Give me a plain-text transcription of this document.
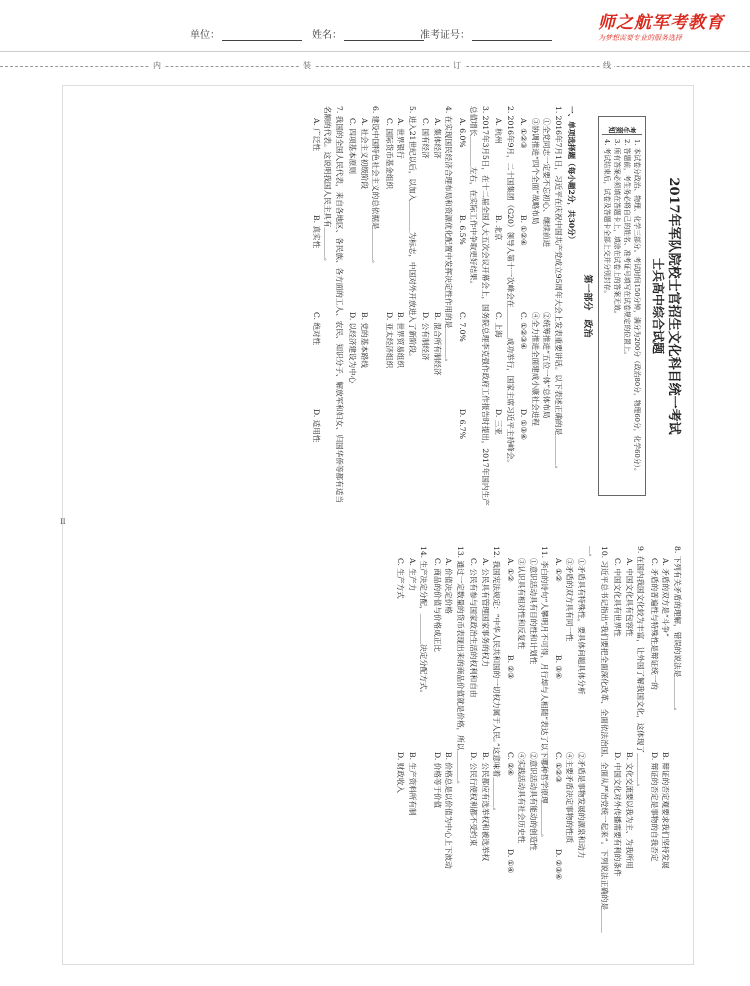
单位：	姓名：	准考证号：
师之航军考教育
为梦想需要专业的服务选择
内	装	订	线
2017年军队院校士官招生文化科目统一考试
士兵高中综合试题
考生须知
1. 本试卷分政治、物理、化学三部分。考试时间150分钟，满分为200分（政治80分，物理60分，化学60分）。
2. 答题前，考生务必将自己的姓名、准考证号填写在试卷规定的位置上。
3. 所有答案必须填在答题卡上，填涂在试卷上的答案无效。
4. 考试结束后，试卷及答题卡全部上交并分别封存。
第一部分　政治
一、单项选择题（每小题2分，共30分）
1. 2016年7月1日，习近平在庆祝中国共产党成立95周年大会上发表重要讲话。以下表述正确的是＿＿＿＿。
①全党同志一定要不忘初心、继续前进
②统筹推进“五位一体”总体布局
③协调推进“四个全面”战略布局
④全力推进全面建成小康社会进程
A. ①②③
B. ①②④
C. ①②③④
D. ①③④
2. 2016年9月，二十国集团（G20）领导人第十一次峰会在＿＿＿＿成功举行，国家主席习近平主持峰会。
A. 杭州
B. 北京
C. 上海
D. 三亚
3. 2017年3月5日，在十二届全国人大五次会议开幕会上，国务院总理李克强作政府工作报告时提出，2017年国内生产总值增长＿＿＿＿左右，在实际工作中争取更好结果。
A. 6.0%
B. 6.5%
C. 7.0%
D. 6.7%
4. 在实现国民经济合理布局和资源优化配置中发挥决定性作用的是＿＿＿＿。
A. 集体经济
B. 混合所有制经济
C. 国有经济
D. 公有制经济
5. 进入21世纪以后，以加入＿＿＿＿为标志，中国对外开放进入了新阶段。
A. 世界银行
B. 世界贸易组织
C. 国际货币基金组织
D. 亚太经济组织
6. 建设中国特色社会主义的总依据是＿＿＿＿。
A. 社会主义初级阶段
B. 党的基本路线
C. 四项基本原则
D. 以经济建设为中心
7. 我国的全国人民代表，来自各地区、各民族、各方面的工人、农民、知识分子、解放军和妇女、归国华侨等都有适当名额的代表。这说明我国人民主具有＿＿＿＿。
A. 广泛性
B. 真实性
C. 绝对性
D. 适用性
8. 下列有关矛盾的理解，错误的说法是＿＿＿＿。
A. 矛盾的双方是“斗争”
B. 辩证的否定观要求我们坚持发展
C. 矛盾的普遍性与特殊性是辩证统一的
D. 辩证的否定是事物的自我否定
9. 在国内我国文化较为丰富，让外国了解我国文化，这体现了＿＿＿＿。
A. 中国文化具有包容性
B. 文化交流要以我为主、为我所用
C. 中国文化具有世界性
D. 中国文化对外传播需要有利的条件
10. 习近平总书记指出“我们要把全面深化改革、全面依法治国、全面从严治党统一起来”。下列说法正确的是＿＿＿＿。
①矛盾具有特殊性，要具体问题具体分析
②矛盾是事物发展的源泉和动力
③矛盾的双方具有同一性
④主要矛盾决定事物的性质
A. ①②
B. ③④
C. ①②③
D. ②③④
11. 李白的诗句“人攀明月不可得，月行却与人相随”表达了以下哪种哲学原理＿＿＿＿。
①意识活动具有目的性和计划性
②意识活动具有能动的创造性
③认识具有相对性和反复性
④实践活动具有社会历史性
A. ①②
B. ②③
C. ②④
D. ①④
12. 我国宪法规定：“中华人民共和国的一切权力属于人民。”这意味着＿＿＿＿。
A. 公民具有管理国家事务的权力
B. 公民都应有选举权和被选举权
C. 公民有参与国家政治生活的权利和自由
D. 公民行使权利都不受约束
13. 通过一定数量的货币表现出来的商品价值就是价格，所以＿＿＿＿。
A. 价值决定价格
B. 价格总是以价值为中心上下波动
C. 商品的价值与价格成正比
D. 价格等于价值
14. 生产决定分配，＿＿＿＿决定分配方式。
A. 生产力
B. 生产资料所有制
C. 生产方式
D. 财政收入
II
